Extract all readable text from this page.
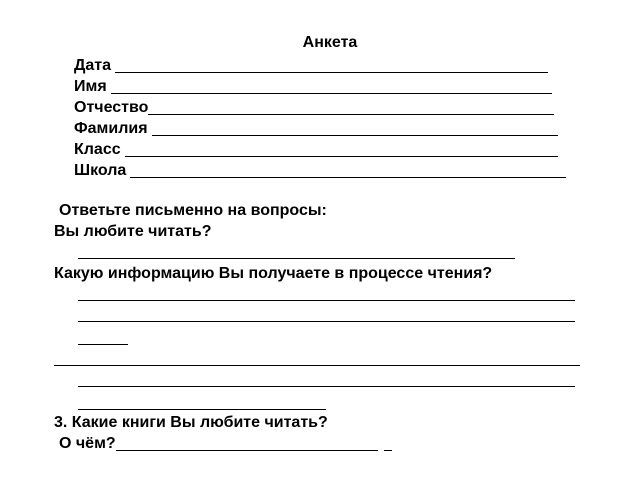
Анкета
Дата
Имя
Отчество
Фамилия
Класс
Школа
Ответьте письменно на вопросы:
Вы любите читать?
Какую информацию Вы получаете в процессе чтения?
3. Какие книги Вы любите читать?
О чём?
